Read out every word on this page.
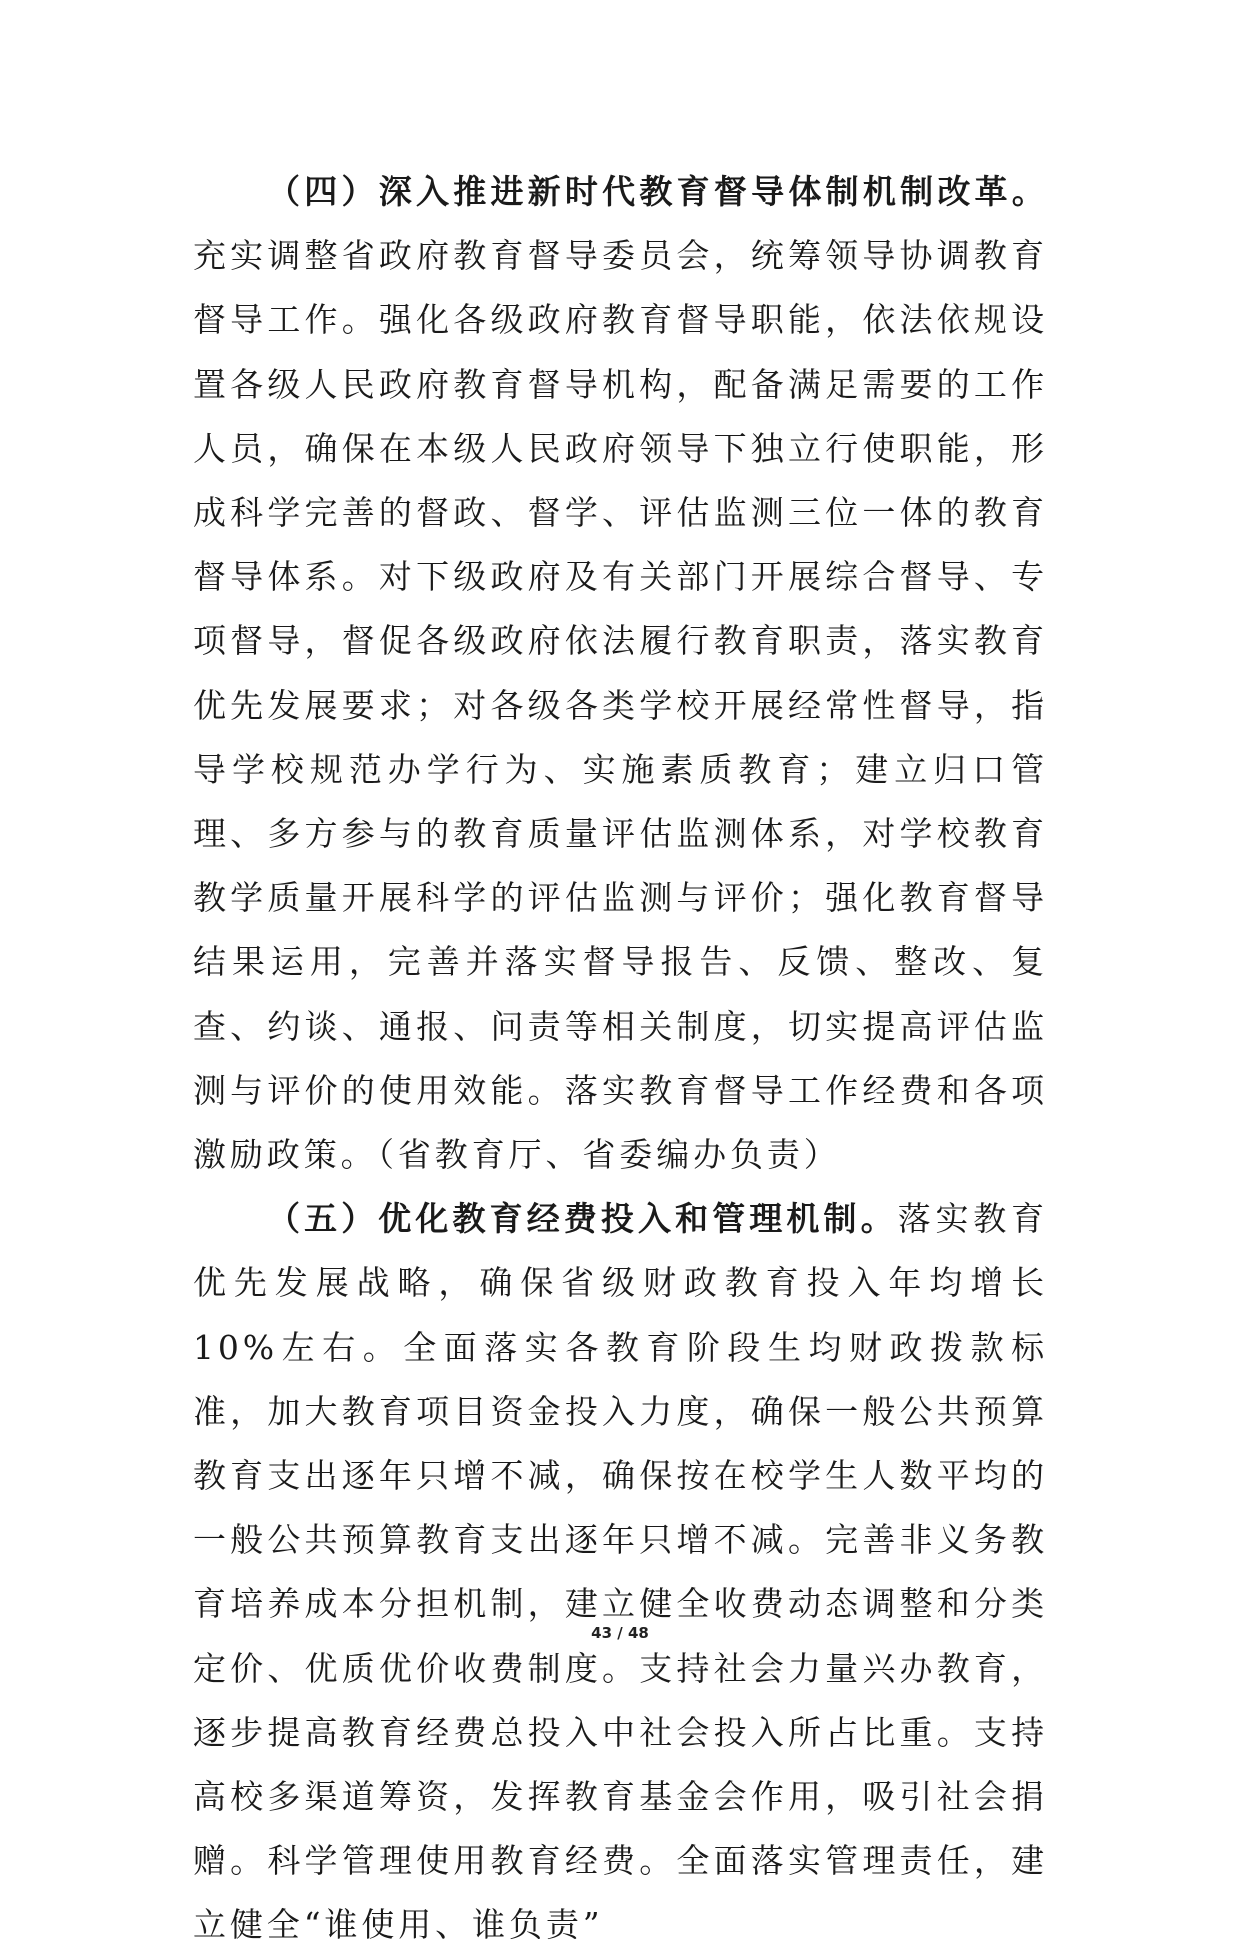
（四）深入推进新时代教育督导体制机制改革。充实调整省政府教育督导委员会，统筹领导协调教育督导工作。强化各级政府教育督导职能，依法依规设置各级人民政府教育督导机构，配备满足需要的工作人员，确保在本级人民政府领导下独立行使职能，形成科学完善的督政、督学、评估监测三位一体的教育督导体系。对下级政府及有关部门开展综合督导、专项督导，督促各级政府依法履行教育职责，落实教育优先发展要求；对各级各类学校开展经常性督导，指导学校规范办学行为、实施素质教育；建立归口管理、多方参与的教育质量评估监测体系，对学校教育教学质量开展科学的评估监测与评价；强化教育督导结果运用，完善并落实督导报告、反馈、整改、复查、约谈、通报、问责等相关制度，切实提高评估监测与评价的使用效能。落实教育督导工作经费和各项激励政策。（省教育厅、省委编办负责）

（五）优化教育经费投入和管理机制。落实教育优先发展战略，确保省级财政教育投入年均增长 10%左右。全面落实各教育阶段生均财政拨款标准，加大教育项目资金投入力度，确保一般公共预算教育支出逐年只增不减，确保按在校学生人数平均的一般公共预算教育支出逐年只增不减。完善非义务教育培养成本分担机制，建立健全收费动态调整和分类定价、优质优价收费制度。支持社会力量兴办教育，逐步提高教育经费总投入中社会投入所占比重。支持高校多渠道筹资，发挥教育基金会作用，吸引社会捐赠。科学管理使用教育经费。全面落实管理责任，建立健全“谁使用、谁负责”

43 / 48
